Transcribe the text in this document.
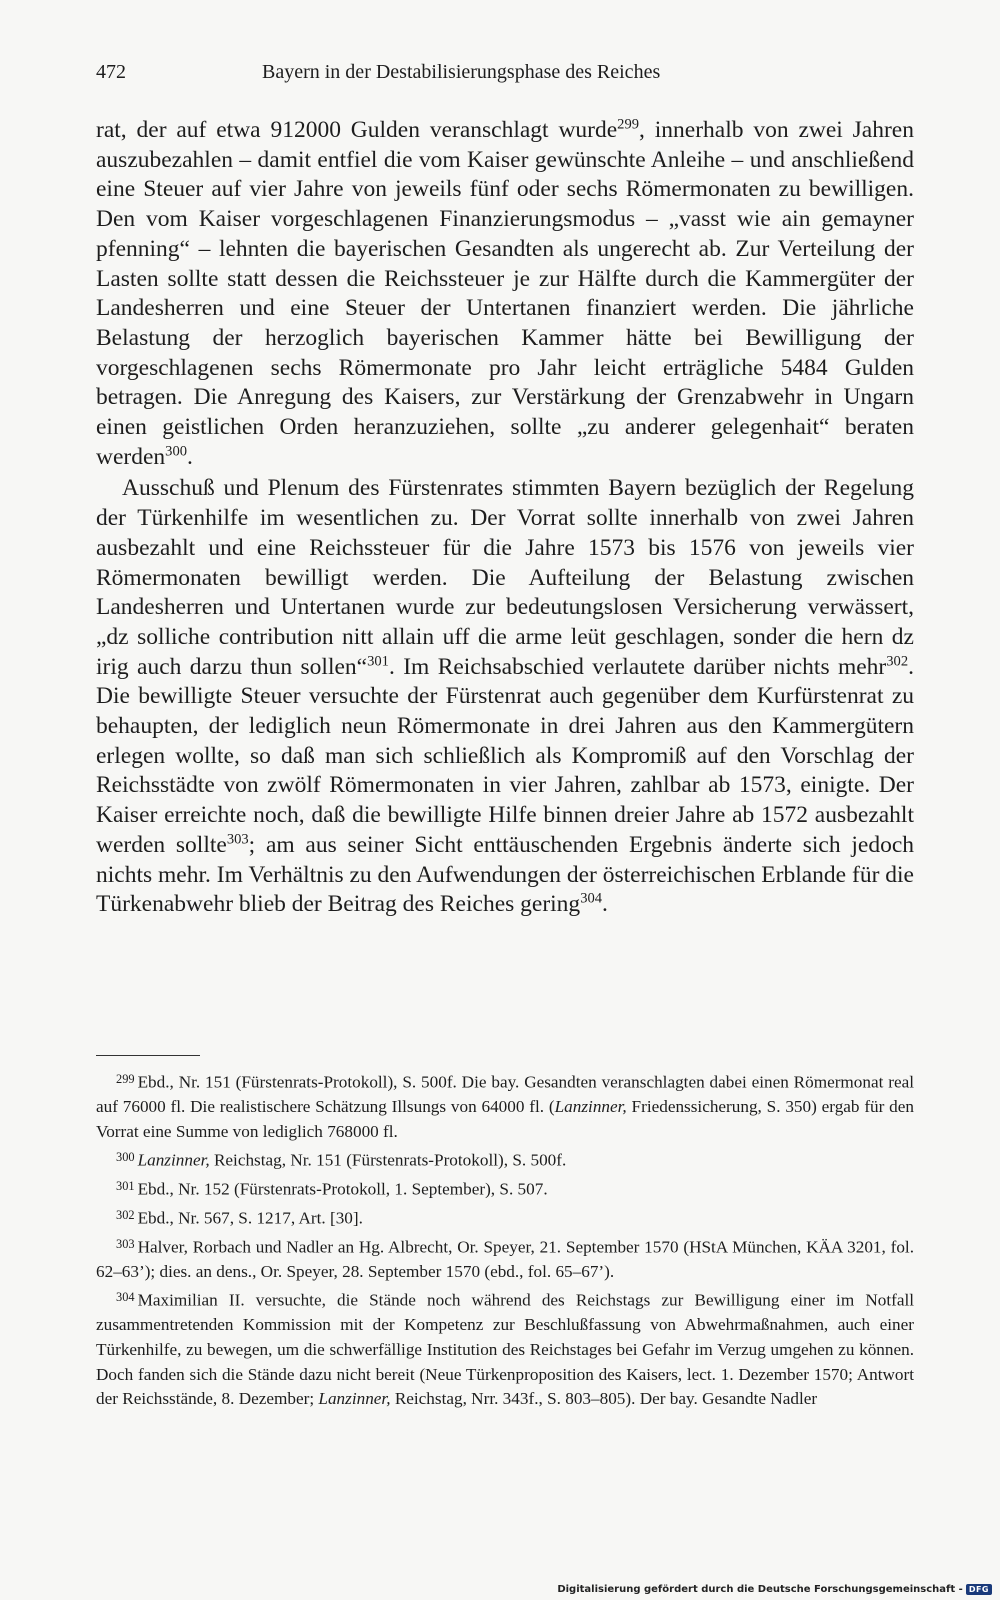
472	Bayern in der Destabilisierungsphase des Reiches

rat, der auf etwa 912000 Gulden veranschlagt wurde$^{299}$, innerhalb von zwei Jahren auszubezahlen – damit entfiel die vom Kaiser gewünschte Anleihe – und anschließend eine Steuer auf vier Jahre von jeweils fünf oder sechs Römermonaten zu bewilligen. Den vom Kaiser vorgeschlagenen Finanzierungsmodus – „vasst wie ain gemayner pfenning“ – lehnten die bayerischen Gesandten als ungerecht ab. Zur Verteilung der Lasten sollte statt dessen die Reichssteuer je zur Hälfte durch die Kammergüter der Landesherren und eine Steuer der Untertanen finanziert werden. Die jährliche Belastung der herzoglich bayerischen Kammer hätte bei Bewilligung der vorgeschlagenen sechs Römermonate pro Jahr leicht erträgliche 5484 Gulden betragen. Die Anregung des Kaisers, zur Verstärkung der Grenzabwehr in Ungarn einen geistlichen Orden heranzuziehen, sollte „zu anderer gelegenhait“ beraten werden$^{300}$.

Ausschuß und Plenum des Fürstenrates stimmten Bayern bezüglich der Regelung der Türkenhilfe im wesentlichen zu. Der Vorrat sollte innerhalb von zwei Jahren ausbezahlt und eine Reichssteuer für die Jahre 1573 bis 1576 von jeweils vier Römermonaten bewilligt werden. Die Aufteilung der Belastung zwischen Landesherren und Untertanen wurde zur bedeutungslosen Versicherung verwässert, „dz solliche contribution nitt allain uff die arme leüt geschlagen, sonder die hern dz irig auch darzu thun sollen“$^{301}$. Im Reichsabschied verlautete darüber nichts mehr$^{302}$. Die bewilligte Steuer versuchte der Fürstenrat auch gegenüber dem Kurfürstenrat zu behaupten, der lediglich neun Römermonate in drei Jahren aus den Kammergütern erlegen wollte, so daß man sich schließlich als Kompromiß auf den Vorschlag der Reichsstädte von zwölf Römermonaten in vier Jahren, zahlbar ab 1573, einigte. Der Kaiser erreichte noch, daß die bewilligte Hilfe binnen dreier Jahre ab 1572 ausbezahlt werden sollte$^{303}$; am aus seiner Sicht enttäuschenden Ergebnis änderte sich jedoch nichts mehr. Im Verhältnis zu den Aufwendungen der österreichischen Erblande für die Türkenabwehr blieb der Beitrag des Reiches gering$^{304}$.

$^{299}$ Ebd., Nr. 151 (Fürstenrats-Protokoll), S. 500f. Die bay. Gesandten veranschlagten dabei einen Römermonat real auf 76000 fl. Die realistischere Schätzung Illsungs von 64000 fl. (Lanzinner, Friedenssicherung, S. 350) ergab für den Vorrat eine Summe von lediglich 768000 fl.

$^{300}$ Lanzinner, Reichstag, Nr. 151 (Fürstenrats-Protokoll), S. 500f.

$^{301}$ Ebd., Nr. 152 (Fürstenrats-Protokoll, 1. September), S. 507.

$^{302}$ Ebd., Nr. 567, S. 1217, Art. [30].

$^{303}$ Halver, Rorbach und Nadler an Hg. Albrecht, Or. Speyer, 21. September 1570 (HStA München, KÄA 3201, fol. 62–63’); dies. an dens., Or. Speyer, 28. September 1570 (ebd., fol. 65–67’).

$^{304}$ Maximilian II. versuchte, die Stände noch während des Reichstags zur Bewilligung einer im Notfall zusammentretenden Kommission mit der Kompetenz zur Beschlußfassung von Abwehrmaßnahmen, auch einer Türkenhilfe, zu bewegen, um die schwerfällige Institution des Reichstages bei Gefahr im Verzug umgehen zu können. Doch fanden sich die Stände dazu nicht bereit (Neue Türkenproposition des Kaisers, lect. 1. Dezember 1570; Antwort der Reichsstände, 8. Dezember; Lanzinner, Reichstag, Nrr. 343f., S. 803–805). Der bay. Gesandte Nadler

Digitalisierung gefördert durch die Deutsche Forschungsgemeinschaft - DFG
